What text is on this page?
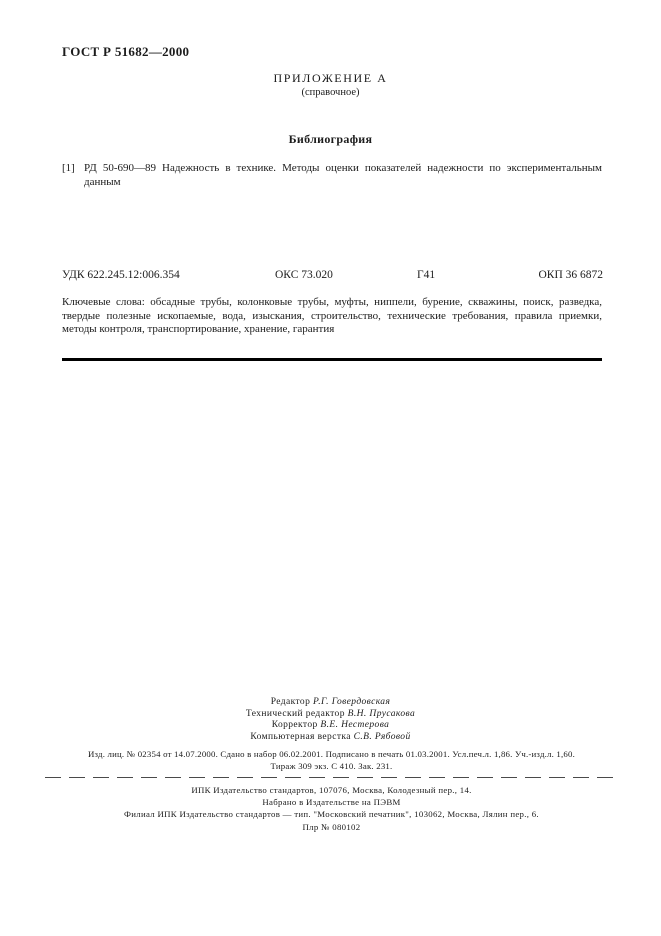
ГОСТ Р 51682—2000
ПРИЛОЖЕНИЕ А
(справочное)
Библиография
[1] РД 50-690—89 Надежность в технике. Методы оценки показателей надежности по экспериментальным данным
УДК 622.245.12:006.354	ОКС 73.020	Г41	ОКП 36 6872
Ключевые слова: обсадные трубы, колонковые трубы, муфты, ниппели, бурение, скважины, поиск, разведка, твердые полезные ископаемые, вода, изыскания, строительство, технические требования, правила приемки, методы контроля, транспортирование, хранение, гарантия
Редактор Р.Г. Говердовская
Технический редактор В.Н. Прусакова
Корректор В.Е. Нестерова
Компьютерная верстка С.В. Рябовой
Изд. лиц. № 02354 от 14.07.2000. Сдано в набор 06.02.2001. Подписано в печать 01.03.2001. Усл.печ.л. 1,86. Уч.-изд.л. 1,60.
Тираж 309 экз. С 410. Зак. 231.
ИПК Издательство стандартов, 107076, Москва, Колодезный пер., 14.
Набрано в Издательстве на ПЭВМ
Филиал ИПК Издательство стандартов — тип. "Московский печатник", 103062, Москва, Лялин пер., 6.
Плр № 080102
